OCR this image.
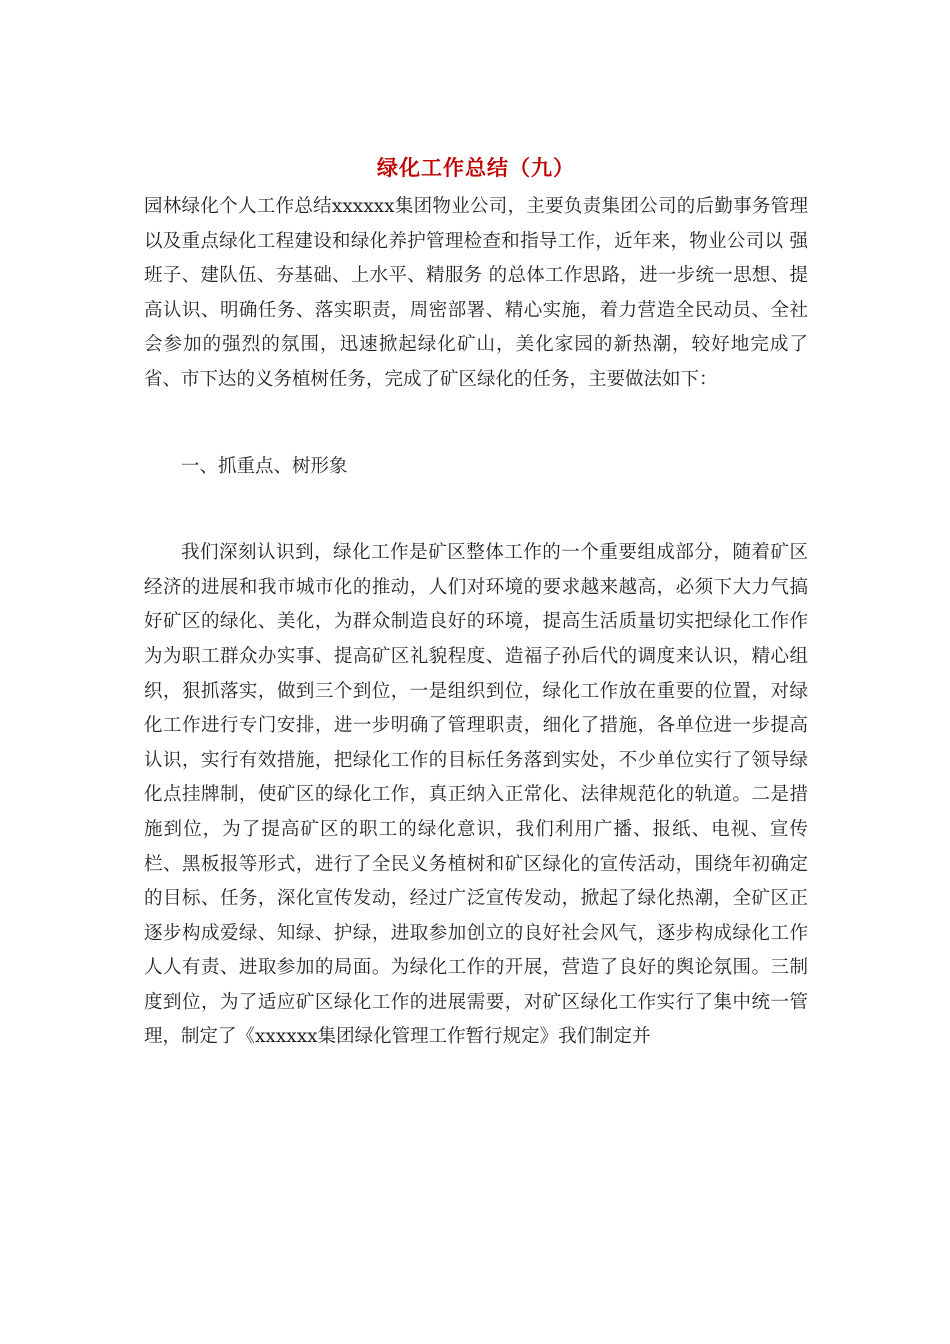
绿化工作总结（九）

园林绿化个人工作总结xxxxxx集团物业公司，主要负责集团公司的后勤事务管理以及重点绿化工程建设和绿化养护管理检查和指导工作，近年来，物业公司以 强班子、建队伍、夯基础、上水平、精服务 的总体工作思路，进一步统一思想、提高认识、明确任务、落实职责，周密部署、精心实施，着力营造全民动员、全社会参加的强烈的氛围，迅速掀起绿化矿山，美化家园的新热潮，较好地完成了省、市下达的义务植树任务，完成了矿区绿化的任务，主要做法如下：

一、抓重点、树形象

我们深刻认识到，绿化工作是矿区整体工作的一个重要组成部分，随着矿区经济的进展和我市城市化的推动，人们对环境的要求越来越高，必须下大力气搞好矿区的绿化、美化，为群众制造良好的环境，提高生活质量切实把绿化工作作为为职工群众办实事、提高矿区礼貌程度、造福子孙后代的调度来认识，精心组织，狠抓落实，做到三个到位，一是组织到位，绿化工作放在重要的位置，对绿化工作进行专门安排，进一步明确了管理职责，细化了措施，各单位进一步提高认识，实行有效措施，把绿化工作的目标任务落到实处，不少单位实行了领导绿化点挂牌制，使矿区的绿化工作，真正纳入正常化、法律规范化的轨道。二是措施到位，为了提高矿区的职工的绿化意识，我们利用广播、报纸、电视、宣传栏、黑板报等形式，进行了全民义务植树和矿区绿化的宣传活动，围绕年初确定的目标、任务，深化宣传发动，经过广泛宣传发动，掀起了绿化热潮，全矿区正逐步构成爱绿、知绿、护绿，进取参加创立的良好社会风气，逐步构成绿化工作人人有责、进取参加的局面。为绿化工作的开展，营造了良好的舆论氛围。三制度到位，为了适应矿区绿化工作的进展需要，对矿区绿化工作实行了集中统一管理，制定了《xxxxxx集团绿化管理工作暂行规定》我们制定并
